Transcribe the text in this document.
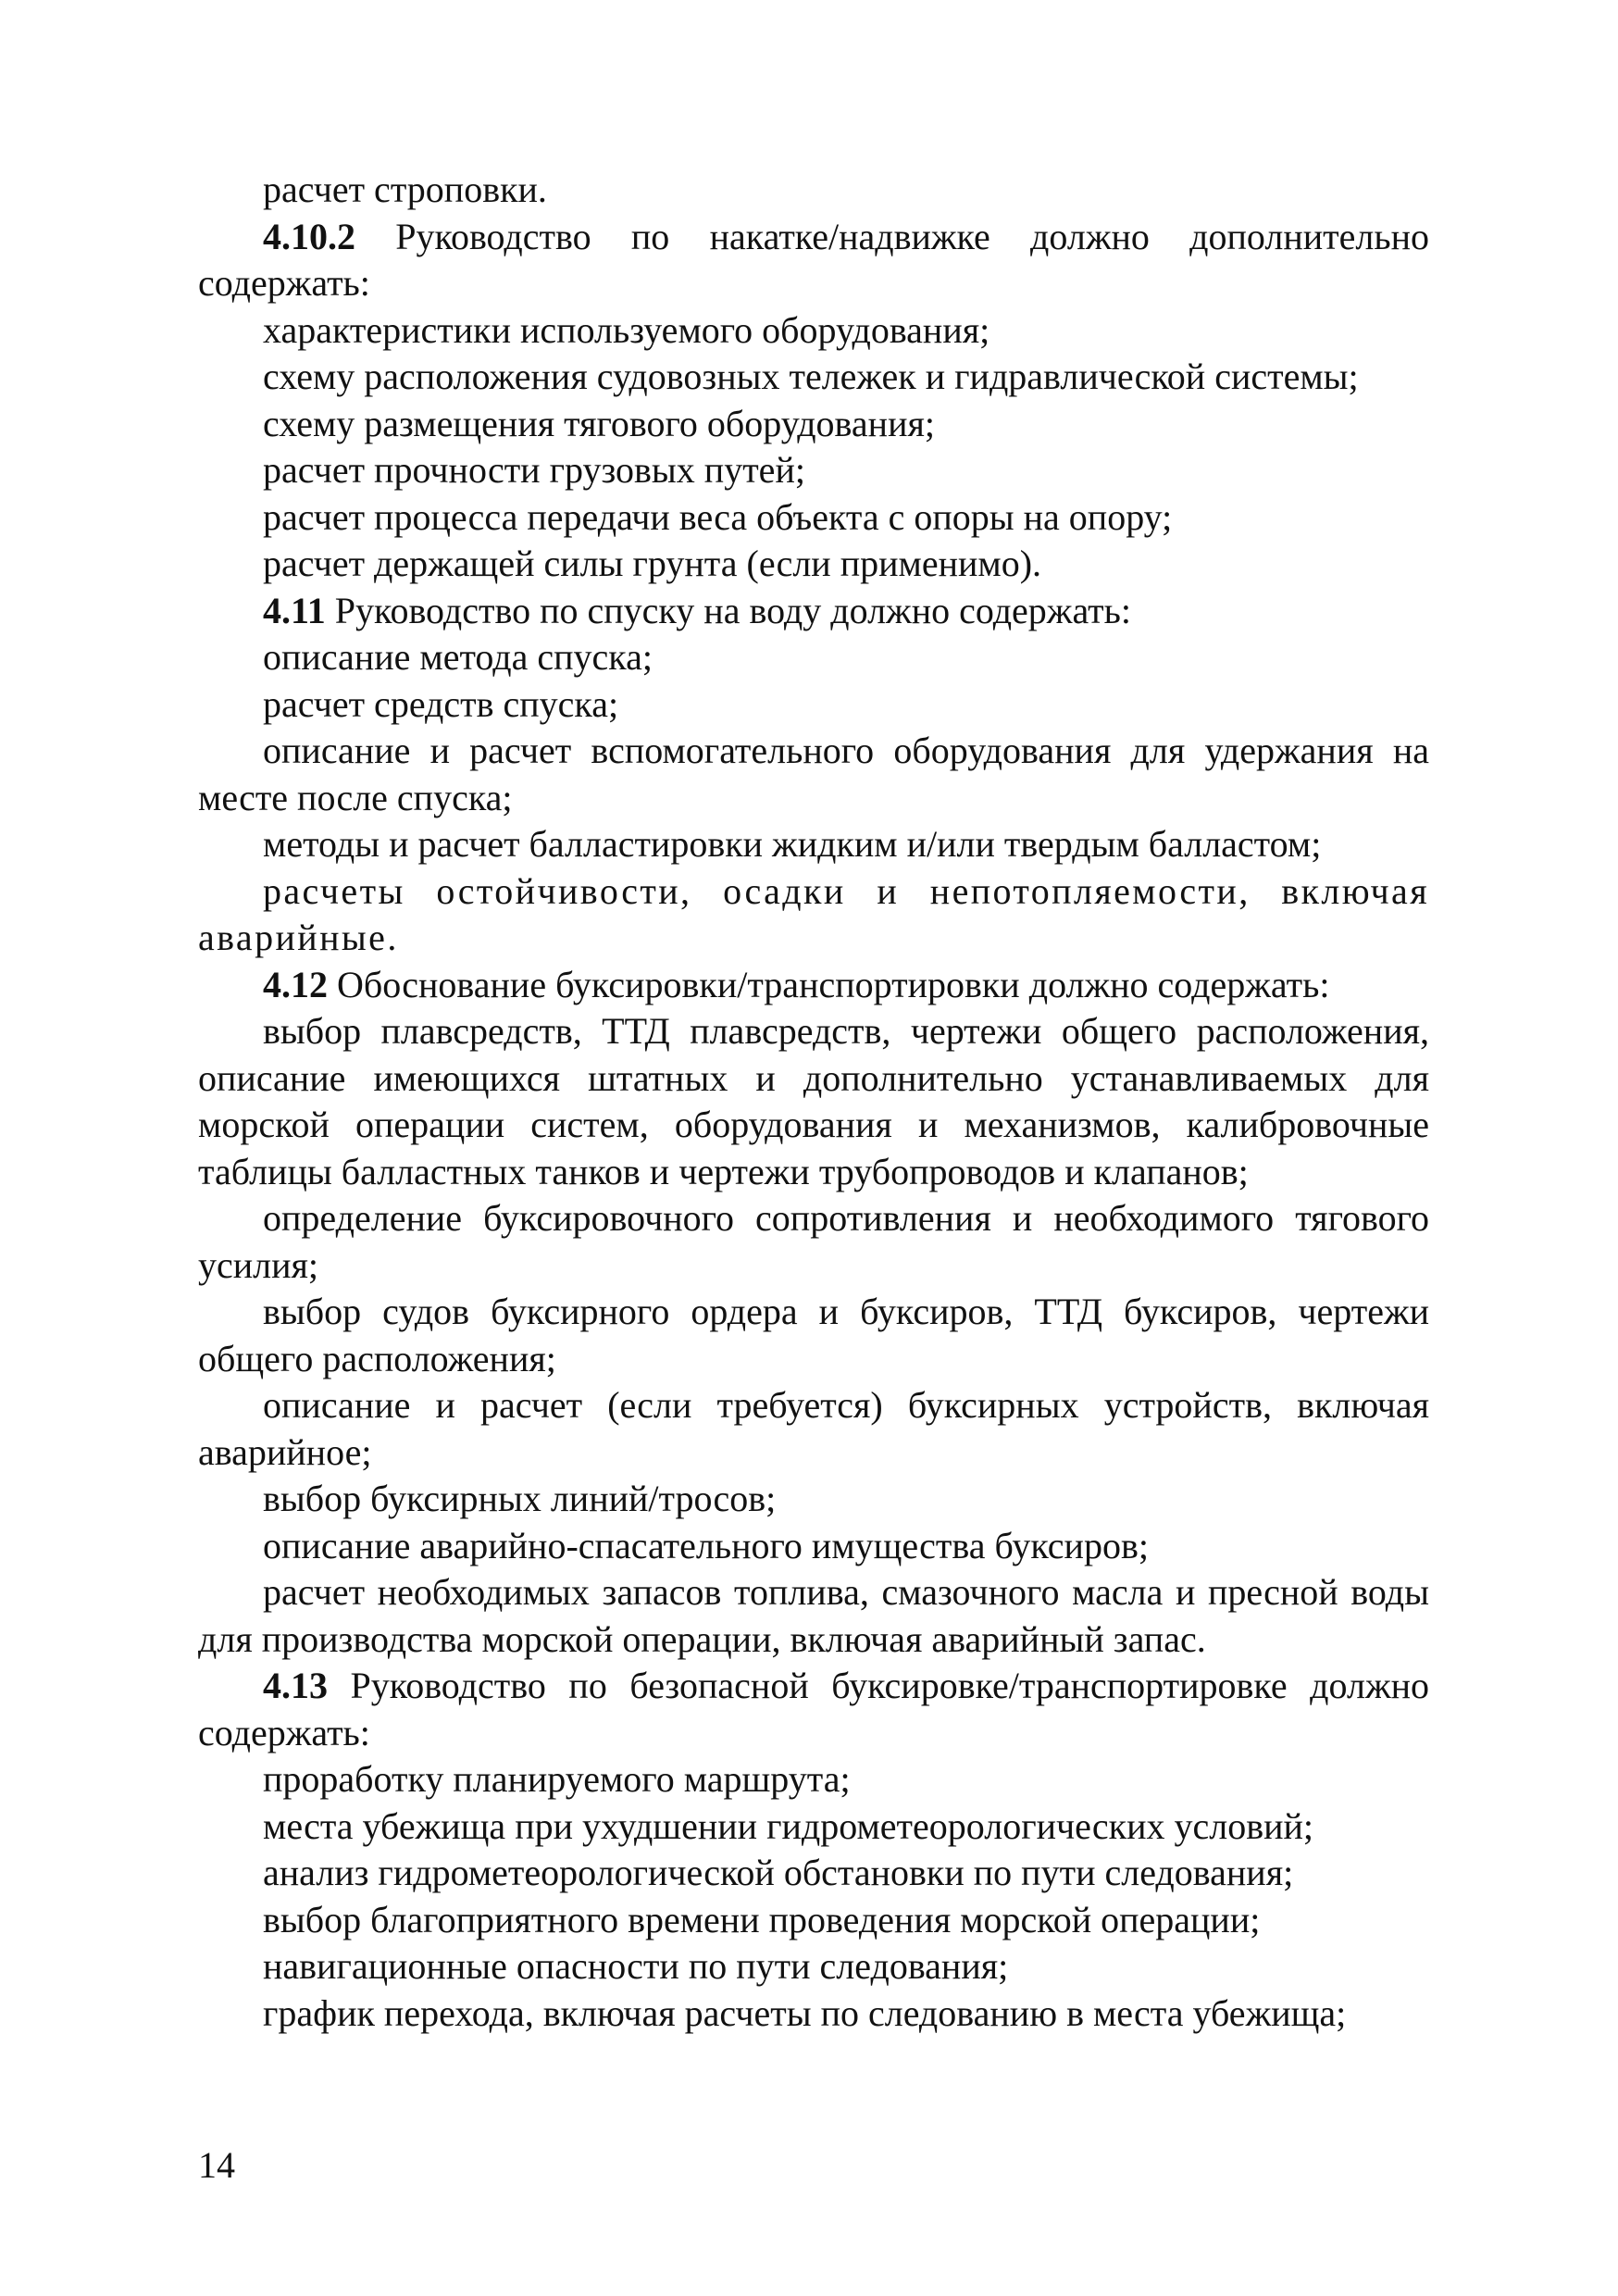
расчет строповки.

4.10.2 Руководство по накатке/надвижке должно дополнительно содержать:

характеристики используемого оборудования;

схему расположения судовозных тележек и гидравлической системы;

схему размещения тягового оборудования;

расчет прочности грузовых путей;

расчет процесса передачи веса объекта с опоры на опору;

расчет держащей силы грунта (если применимо).

4.11 Руководство по спуску на воду должно содержать:

описание метода спуска;

расчет средств спуска;

описание и расчет вспомогательного оборудования для удержания на месте после спуска;

методы и расчет балластировки жидким и/или твердым балластом;

расчеты остойчивости, осадки и непотопляемости, включая аварийные.

4.12 Обоснование буксировки/транспортировки должно содержать:

выбор плавсредств, ТТД плавсредств, чертежи общего расположения, описание имеющихся штатных и дополнительно устанавливаемых для морской операции систем, оборудования и механизмов, калибровочные таблицы балластных танков и чертежи трубопроводов и клапанов;

определение буксировочного сопротивления и необходимого тягового усилия;

выбор судов буксирного ордера и буксиров, ТТД буксиров, чертежи общего расположения;

описание и расчет (если требуется) буксирных устройств, включая аварийное;

выбор буксирных линий/тросов;

описание аварийно-спасательного имущества буксиров;

расчет необходимых запасов топлива, смазочного масла и пресной воды для производства морской операции, включая аварийный запас.

4.13 Руководство по безопасной буксировке/транспортировке должно содержать:

проработку планируемого маршрута;

места убежища при ухудшении гидрометеорологических условий;

анализ гидрометеорологической обстановки по пути следования;

выбор благоприятного времени проведения морской операции;

навигационные опасности по пути следования;

график перехода, включая расчеты по следованию в места убежища;

14
